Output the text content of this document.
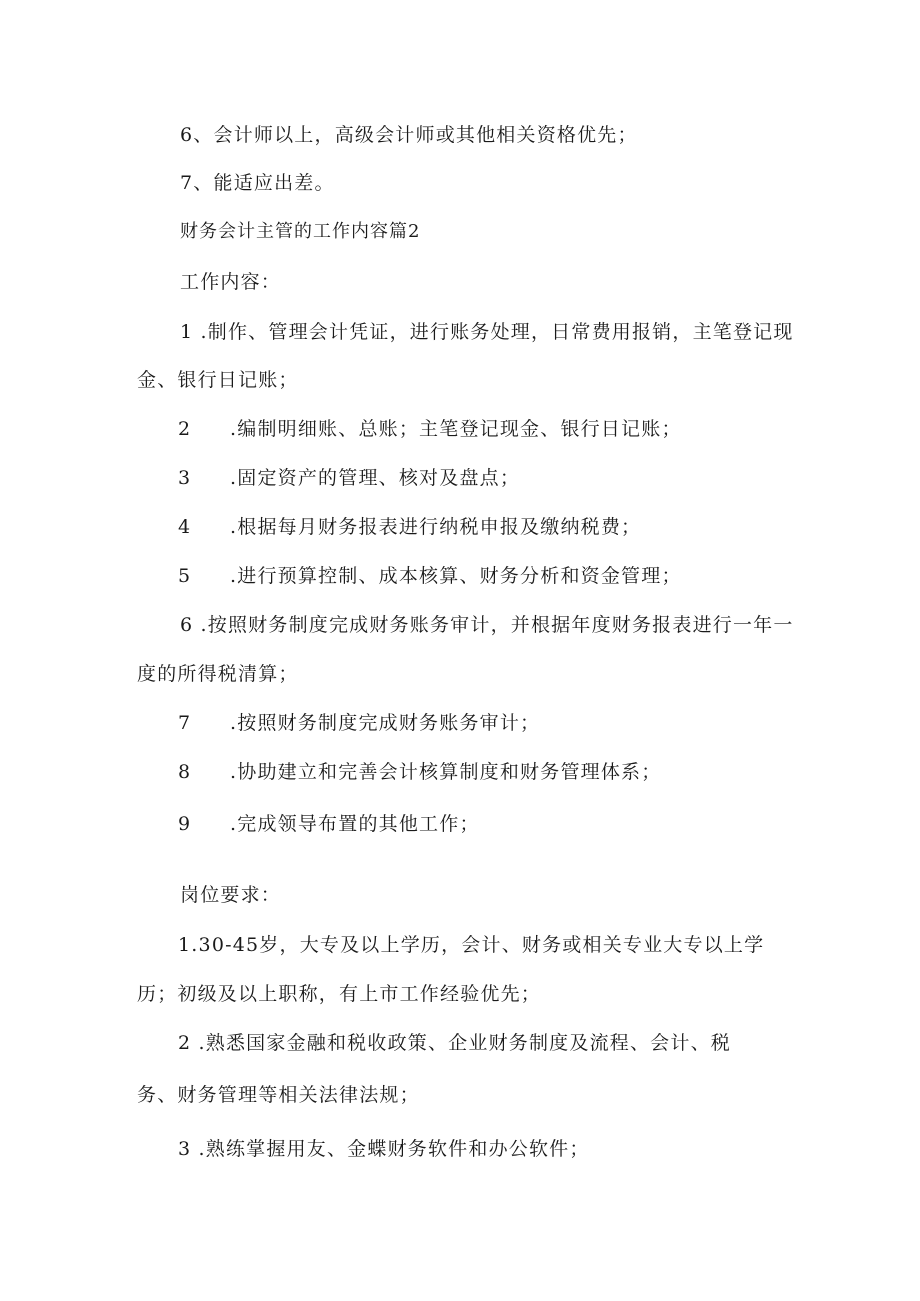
6、会计师以上，高级会计师或其他相关资格优先；
7、能适应出差。
财务会计主管的工作内容篇2
工作内容：
1 .制作、管理会计凭证，进行账务处理，日常费用报销，主笔登记现
金、银行日记账；
2 .编制明细账、总账；主笔登记现金、银行日记账；
3 .固定资产的管理、核对及盘点；
4 .根据每月财务报表进行纳税申报及缴纳税费；
5 .进行预算控制、成本核算、财务分析和资金管理；
6 .按照财务制度完成财务账务审计，并根据年度财务报表进行一年一
度的所得税清算；
7 .按照财务制度完成财务账务审计；
8 .协助建立和完善会计核算制度和财务管理体系；
9 .完成领导布置的其他工作；
岗位要求：
1.30-45岁，大专及以上学历，会计、财务或相关专业大专以上学
历；初级及以上职称，有上市工作经验优先；
2 .熟悉国家金融和税收政策、企业财务制度及流程、会计、税
务、财务管理等相关法律法规；
3 .熟练掌握用友、金蝶财务软件和办公软件；
